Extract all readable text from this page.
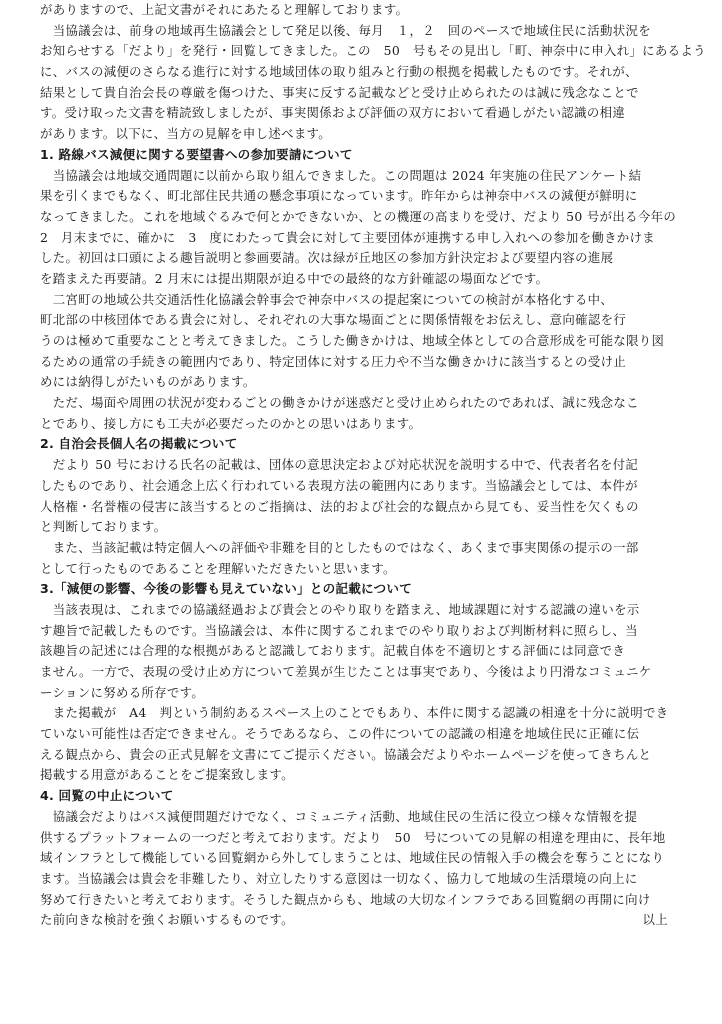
がありますので、上記文書がそれにあたると理解しております。
　当協議会は、前身の地域再生協議会として発足以後、毎月　１，２　回のペースで地域住民に活動状況を
お知らせする「だより」を発行・回覧してきました。この　50　号もその見出し「町、神奈中に申入れ」にあるよう
に、バスの減便のさらなる進行に対する地域団体の取り組みと行動の根拠を掲載したものです。それが、
結果として貴自治会長の尊厳を傷つけた、事実に反する記載などと受け止められたのは誠に残念なことで
す。受け取った文書を精読致しましたが、事実関係および評価の双方において看過しがたい認識の相違
があります。以下に、当方の見解を申し述べます。
1. 路線バス減便に関する要望書への参加要請について
　当協議会は地域交通問題に以前から取り組んできました。この問題は 2024 年実施の住民アンケート結
果を引くまでもなく、町北部住民共通の懸念事項になっています。昨年からは神奈中バスの減便が鮮明に
なってきました。これを地域ぐるみで何とかできないか、との機運の高まりを受け、だより 50 号が出る今年の
2　月末までに、確かに　3　度にわたって貴会に対して主要団体が連携する申し入れへの参加を働きかけま
した。初回は口頭による趣旨説明と参画要請。次は緑が丘地区の参加方針決定および要望内容の進展
を踏まえた再要請。2 月末には提出期限が迫る中での最終的な方針確認の場面などです。
　二宮町の地域公共交通活性化協議会幹事会で神奈中バスの提起案についての検討が本格化する中、
町北部の中核団体である貴会に対し、それぞれの大事な場面ごとに関係情報をお伝えし、意向確認を行
うのは極めて重要なことと考えてきました。こうした働きかけは、地域全体としての合意形成を可能な限り図
るための通常の手続きの範囲内であり、特定団体に対する圧力や不当な働きかけに該当するとの受け止
めには納得しがたいものがあります。
　ただ、場面や周囲の状況が変わるごとの働きかけが迷惑だと受け止められたのであれば、誠に残念なこ
とであり、接し方にも工夫が必要だったのかとの思いはあります。
2. 自治会長個人名の掲載について
　だより 50 号における氏名の記載は、団体の意思決定および対応状況を説明する中で、代表者名を付記
したものであり、社会通念上広く行われている表現方法の範囲内にあります。当協議会としては、本件が
人格権・名誉権の侵害に該当するとのご指摘は、法的および社会的な観点から見ても、妥当性を欠くもの
と判断しております。
　また、当該記載は特定個人への評価や非難を目的としたものではなく、あくまで事実関係の提示の一部
として行ったものであることを理解いただきたいと思います。
3.「減便の影響、今後の影響も見えていない」との記載について
　当該表現は、これまでの協議経過および貴会とのやり取りを踏まえ、地域課題に対する認識の違いを示
す趣旨で記載したものです。当協議会は、本件に関するこれまでのやり取りおよび判断材料に照らし、当
該趣旨の記述には合理的な根拠があると認識しております。記載自体を不適切とする評価には同意でき
ません。一方で、表現の受け止め方について差異が生じたことは事実であり、今後はより円滑なコミュニケ
ーションに努める所存です。
　また掲載が　A4　判という制約あるスペース上のことでもあり、本件に関する認識の相違を十分に説明でき
ていない可能性は否定できません。そうであるなら、この件についての認識の相違を地域住民に正確に伝
える観点から、貴会の正式見解を文書にてご提示ください。協議会だよりやホームページを使ってきちんと
掲載する用意があることをご提案致します。
4. 回覧の中止について
　協議会だよりはバス減便問題だけでなく、コミュニティ活動、地域住民の生活に役立つ様々な情報を提
供するプラットフォームの一つだと考えております。だより　50　号についての見解の相違を理由に、長年地
域インフラとして機能している回覧網から外してしまうことは、地域住民の情報入手の機会を奪うことになり
ます。当協議会は貴会を非難したり、対立したりする意図は一切なく、協力して地域の生活環境の向上に
努めて行きたいと考えております。そうした観点からも、地域の大切なインフラである回覧網の再開に向け
た前向きな検討を強くお願いするものです。	以上
